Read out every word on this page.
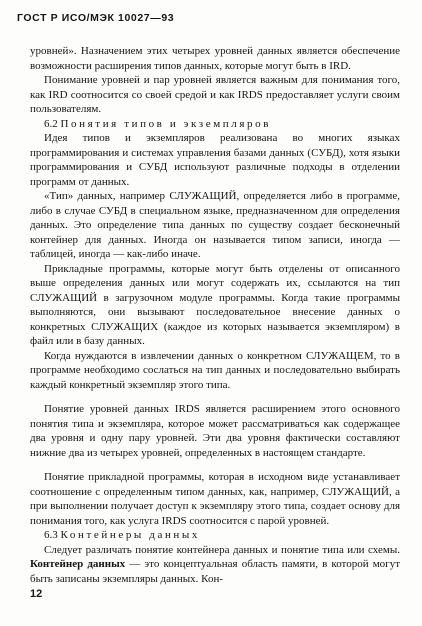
ГОСТ Р ИСО/МЭК 10027—93

уровней». Назначением этих четырех уровней данных является обеспечение возможности расширения типов данных, которые могут быть в IRD.

Понимание уровней и пар уровней является важным для понимания того, как IRD соотносится со своей средой и как IRDS предоставляет услуги своим пользователям.

6.2 Понятия типов и экземпляров

Идея типов и экземпляров реализована во многих языках программирования и системах управления базами данных (СУБД), хотя языки программирования и СУБД используют различные подходы в отделении программ от данных.

«Тип» данных, например СЛУЖАЩИЙ, определяется либо в программе, либо в случае СУБД в специальном языке, предназначенном для определения данных. Это определение типа данных по существу создает бесконечный контейнер для данных. Иногда он называется типом записи, иногда — таблицей, иногда — как-либо иначе.

Прикладные программы, которые могут быть отделены от описанного выше определения данных или могут содержать их, ссылаются на тип СЛУЖАЩИЙ в загрузочном модуле программы. Когда такие программы выполняются, они вызывают последовательное внесение данных о конкретных СЛУЖАЩИХ (каждое из которых называется экземпляром) в файл или в базу данных.

Когда нуждаются в извлечении данных о конкретном СЛУЖАЩЕМ, то в программе необходимо сослаться на тип данных и последовательно выбирать каждый конкретный экземпляр этого типа.

Понятие уровней данных IRDS является расширением этого основного понятия типа и экземпляра, которое может рассматриваться как содержащее два уровня и одну пару уровней. Эти два уровня фактически составляют нижние два из четырех уровней, определенных в настоящем стандарте.

Понятие прикладной программы, которая в исходном виде устанавливает соотношение с определенным типом данных, как, например, СЛУЖАЩИЙ, а при выполнении получает доступ к экземпляру этого типа, создает основу для понимания того, как услуга IRDS соотносится с парой уровней.

6.3 Контейнеры данных

Следует различать понятие контейнера данных и понятие типа или схемы. Контейнер данных — это концептуальная область памяти, в которой могут быть записаны экземпляры данных. Кон-

12
